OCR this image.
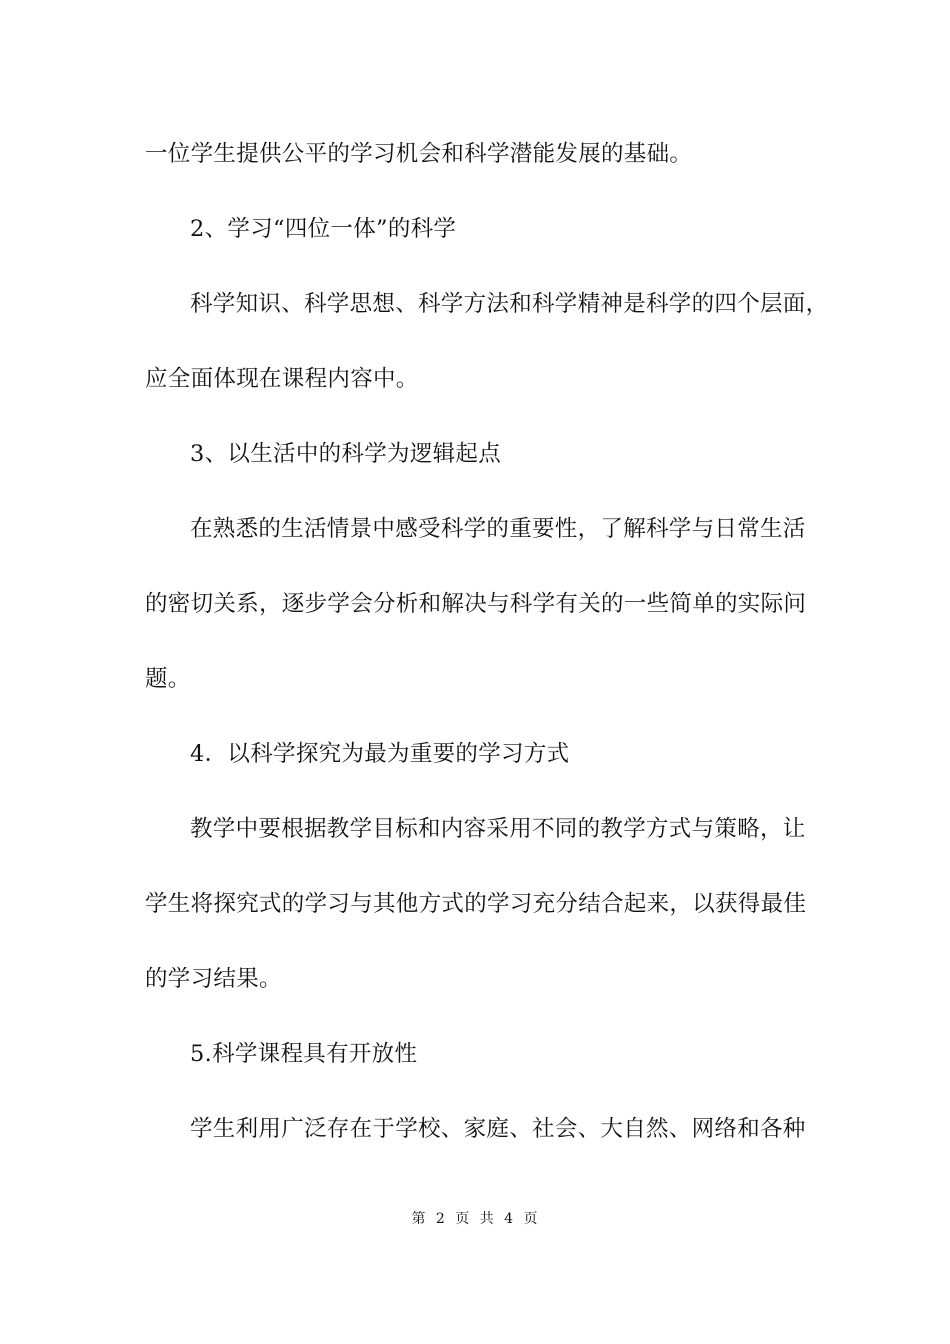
一位学生提供公平的学习机会和科学潜能发展的基础。
2、学习“四位一体”的科学
科学知识、科学思想、科学方法和科学精神是科学的四个层面，
应全面体现在课程内容中。
3、以生活中的科学为逻辑起点
在熟悉的生活情景中感受科学的重要性，了解科学与日常生活
的密切关系，逐步学会分析和解决与科学有关的一些简单的实际问
题。
4．以科学探究为最为重要的学习方式
教学中要根据教学目标和内容采用不同的教学方式与策略，让
学生将探究式的学习与其他方式的学习充分结合起来，以获得最佳
的学习结果。
5.科学课程具有开放性
学生利用广泛存在于学校、家庭、社会、大自然、网络和各种
第 2 页 共 4 页
